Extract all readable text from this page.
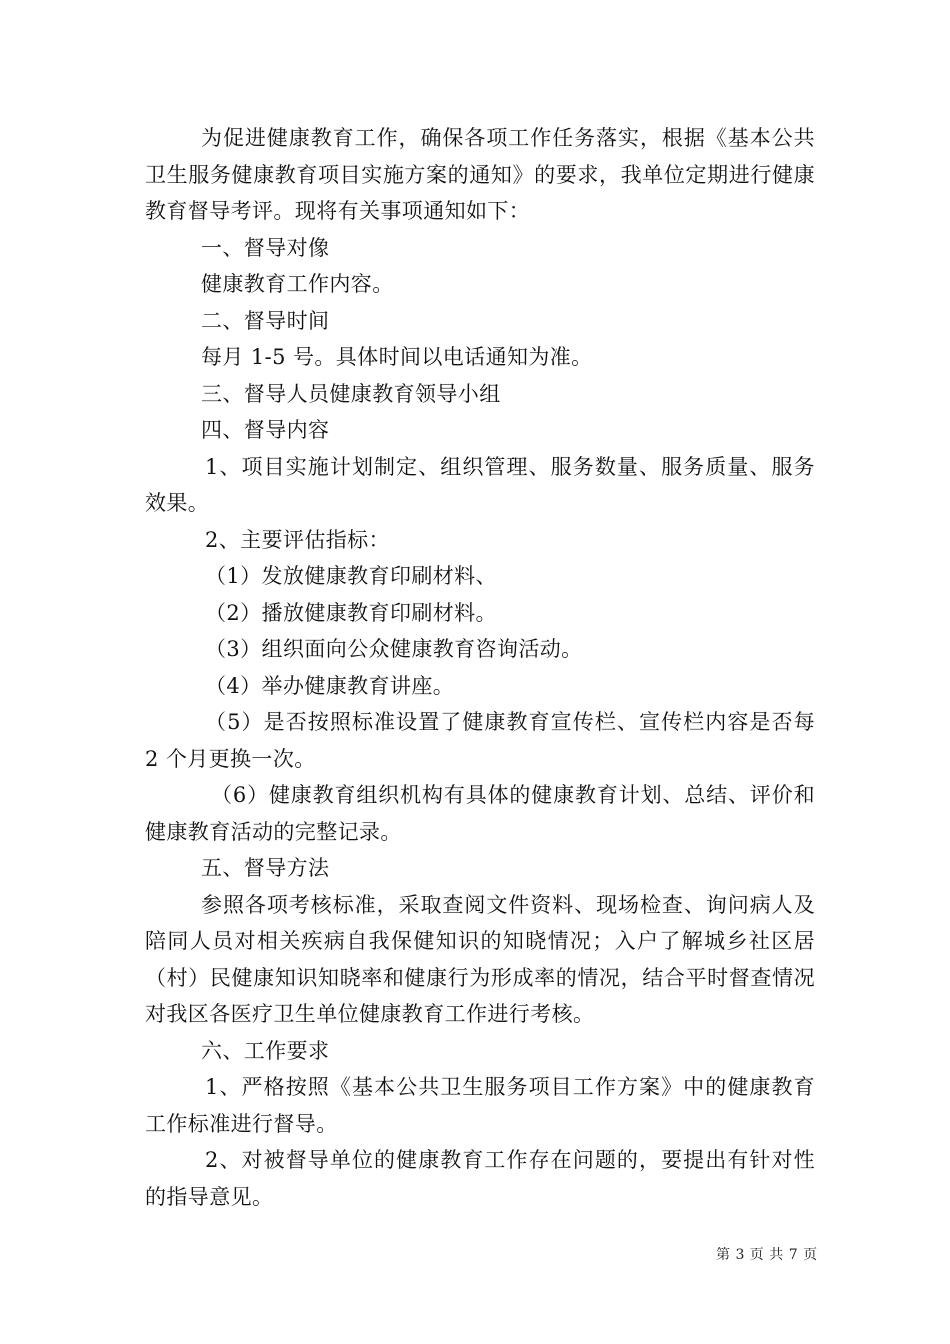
为促进健康教育工作，确保各项工作任务落实，根据《基本公共卫生服务健康教育项目实施方案的通知》的要求，我单位定期进行健康教育督导考评。现将有关事项通知如下：

一、督导对像

健康教育工作内容。

二、督导时间

每月 1-5 号。具体时间以电话通知为准。

三、督导人员健康教育领导小组

四、督导内容

1、项目实施计划制定、组织管理、服务数量、服务质量、服务效果。

2、主要评估指标：

（1）发放健康教育印刷材料、

（2）播放健康教育印刷材料。

（3）组织面向公众健康教育咨询活动。

（4）举办健康教育讲座。

（5）是否按照标准设置了健康教育宣传栏、宣传栏内容是否每 2 个月更换一次。

（6）健康教育组织机构有具体的健康教育计划、总结、评价和健康教育活动的完整记录。

五、督导方法

参照各项考核标准，采取查阅文件资料、现场检查、询问病人及陪同人员对相关疾病自我保健知识的知晓情况；入户了解城乡社区居（村）民健康知识知晓率和健康行为形成率的情况，结合平时督查情况对我区各医疗卫生单位健康教育工作进行考核。

六、工作要求

1、严格按照《基本公共卫生服务项目工作方案》中的健康教育工作标准进行督导。

2、对被督导单位的健康教育工作存在问题的，要提出有针对性的指导意见。

第 3 页 共 7 页
